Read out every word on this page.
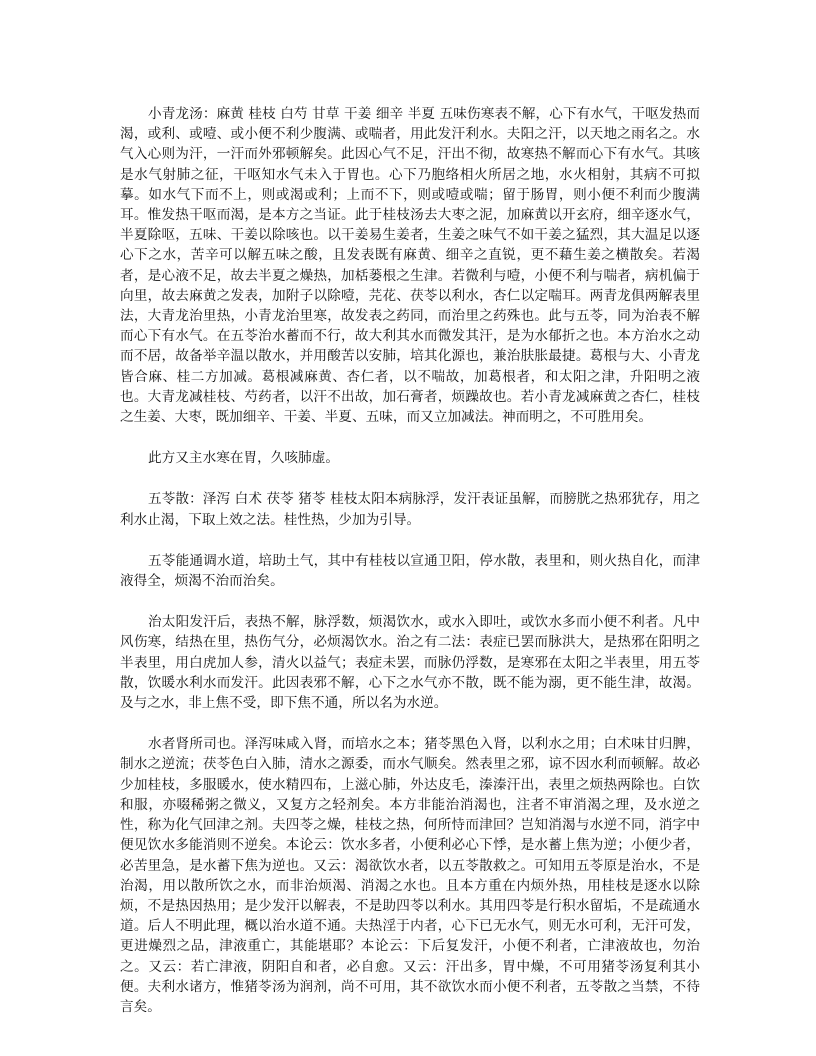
小青龙汤：麻黄 桂枝 白芍 甘草 干姜 细辛 半夏 五味伤寒表不解，心下有水气，干呕发热而渴，或利、或噎、或小便不利少腹满、或喘者，用此发汗利水。夫阳之汗，以天地之雨名之。水气入心则为汗，一汗而外邪顿解矣。此因心气不足，汗出不彻，故寒热不解而心下有水气。其咳是水气射肺之征，干呕知水气未入于胃也。心下乃胞络相火所居之地，水火相射，其病不可拟摹。如水气下而不上，则或渴或利；上而不下，则或噎或喘；留于肠胃，则小便不利而少腹满耳。惟发热干呕而渴，是本方之当证。此于桂枝汤去大枣之泥，加麻黄以开玄府，细辛逐水气，半夏除呕，五味、干姜以除咳也。以干姜易生姜者，生姜之味气不如干姜之猛烈，其大温足以逐心下之水，苦辛可以解五味之酸，且发表既有麻黄、细辛之直锐，更不藉生姜之横散矣。若渴者，是心液不足，故去半夏之燥热，加栝蒌根之生津。若微利与噎，小便不利与喘者，病机偏于向里，故去麻黄之发表，加附子以除噎，芫花、茯苓以利水，杏仁以定喘耳。两青龙俱两解表里法，大青龙治里热，小青龙治里寒，故发表之药同，而治里之药殊也。此与五苓，同为治表不解而心下有水气。在五苓治水蓄而不行，故大利其水而微发其汗，是为水郁折之也。本方治水之动而不居，故备举辛温以散水，并用酸苦以安肺，培其化源也，兼治肤胀最捷。葛根与大、小青龙皆合麻、桂二方加减。葛根减麻黄、杏仁者，以不喘故，加葛根者，和太阳之津，升阳明之液也。大青龙减桂枝、芍药者，以汗不出故，加石膏者，烦躁故也。若小青龙减麻黄之杏仁，桂枝之生姜、大枣，既加细辛、干姜、半夏、五味，而又立加减法。神而明之，不可胜用矣。

此方又主水寒在胃，久咳肺虚。

五苓散：泽泻 白术 茯苓 猪苓 桂枝太阳本病脉浮，发汗表证虽解，而膀胱之热邪犹存，用之利水止渴，下取上效之法。桂性热，少加为引导。

五苓能通调水道，培助土气，其中有桂枝以宣通卫阳，停水散，表里和，则火热自化，而津液得全，烦渴不治而治矣。

治太阳发汗后，表热不解，脉浮数，烦渴饮水，或水入即吐，或饮水多而小便不利者。凡中风伤寒，结热在里，热伤气分，必烦渴饮水。治之有二法：表症已罢而脉洪大，是热邪在阳明之半表里，用白虎加人参，清火以益气；表症未罢，而脉仍浮数，是寒邪在太阳之半表里，用五苓散，饮暖水利水而发汗。此因表邪不解，心下之水气亦不散，既不能为溺，更不能生津，故渴。及与之水，非上焦不受，即下焦不通，所以名为水逆。

水者肾所司也。泽泻味咸入肾，而培水之本；猪苓黑色入肾，以利水之用；白术味甘归脾，制水之逆流；茯苓色白入肺，清水之源委，而水气顺矣。然表里之邪，谅不因水利而顿解。故必少加桂枝，多服暖水，使水精四布，上滋心肺，外达皮毛，溱溱汗出，表里之烦热两除也。白饮和服，亦啜稀粥之微义，又复方之轻剂矣。本方非能治消渴也，注者不审消渴之理，及水逆之性，称为化气回津之剂。夫四苓之燥，桂枝之热，何所恃而津回？岂知消渴与水逆不同，消字中便见饮水多能消则不逆矣。本论云：饮水多者，小便利必心下悸，是水蓄上焦为逆；小便少者，必苦里急，是水蓄下焦为逆也。又云：渴欲饮水者，以五苓散救之。可知用五苓原是治水，不是治渴，用以散所饮之水，而非治烦渴、消渴之水也。且本方重在内烦外热，用桂枝是逐水以除烦，不是热因热用；是少发汗以解表，不是助四苓以利水。其用四苓是行积水留垢，不是疏通水道。后人不明此理，概以治水道不通。夫热淫于内者，心下已无水气，则无水可利，无汗可发，更进燥烈之品，津液重亡，其能堪耶？本论云：下后复发汗，小便不利者，亡津液故也，勿治之。又云：若亡津液，阴阳自和者，必自愈。又云：汗出多，胃中燥，不可用猪苓汤复利其小便。夫利水诸方，惟猪苓汤为润剂，尚不可用，其不欲饮水而小便不利者，五苓散之当禁，不待言矣。
